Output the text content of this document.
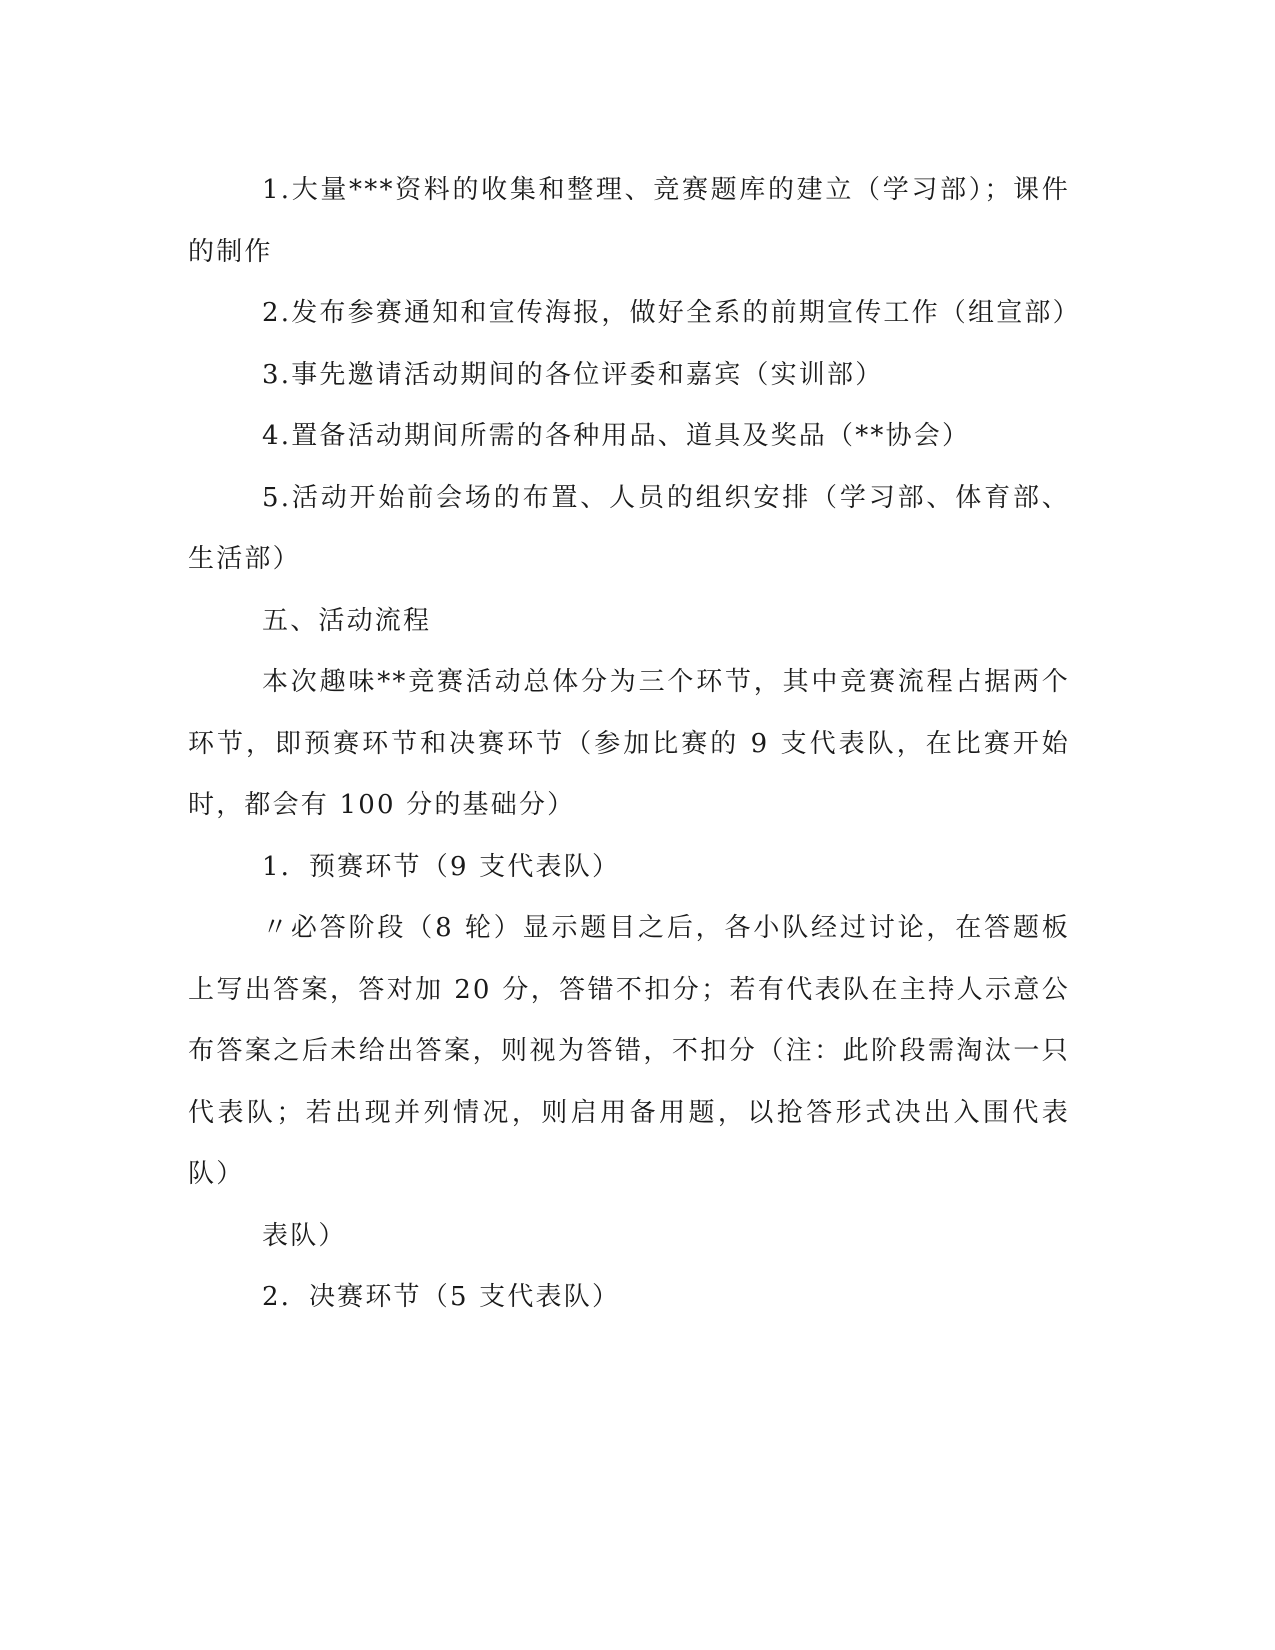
1.大量***资料的收集和整理、竞赛题库的建立（学习部）；课件的制作

2.发布参赛通知和宣传海报，做好全系的前期宣传工作（组宣部）

3.事先邀请活动期间的各位评委和嘉宾（实训部）

4.置备活动期间所需的各种用品、道具及奖品（**协会）

5.活动开始前会场的布置、人员的组织安排（学习部、体育部、生活部）

五、活动流程

本次趣味**竞赛活动总体分为三个环节，其中竞赛流程占据两个环节，即预赛环节和决赛环节（参加比赛的 9 支代表队，在比赛开始时，都会有 100 分的基础分）

1．预赛环节（9 支代表队）

〃必答阶段（8 轮）显示题目之后，各小队经过讨论，在答题板上写出答案，答对加 20 分，答错不扣分；若有代表队在主持人示意公布答案之后未给出答案，则视为答错，不扣分（注：此阶段需淘汰一只代表队；若出现并列情况，则启用备用题，以抢答形式决出入围代表队）

表队）

2．决赛环节（5 支代表队）
